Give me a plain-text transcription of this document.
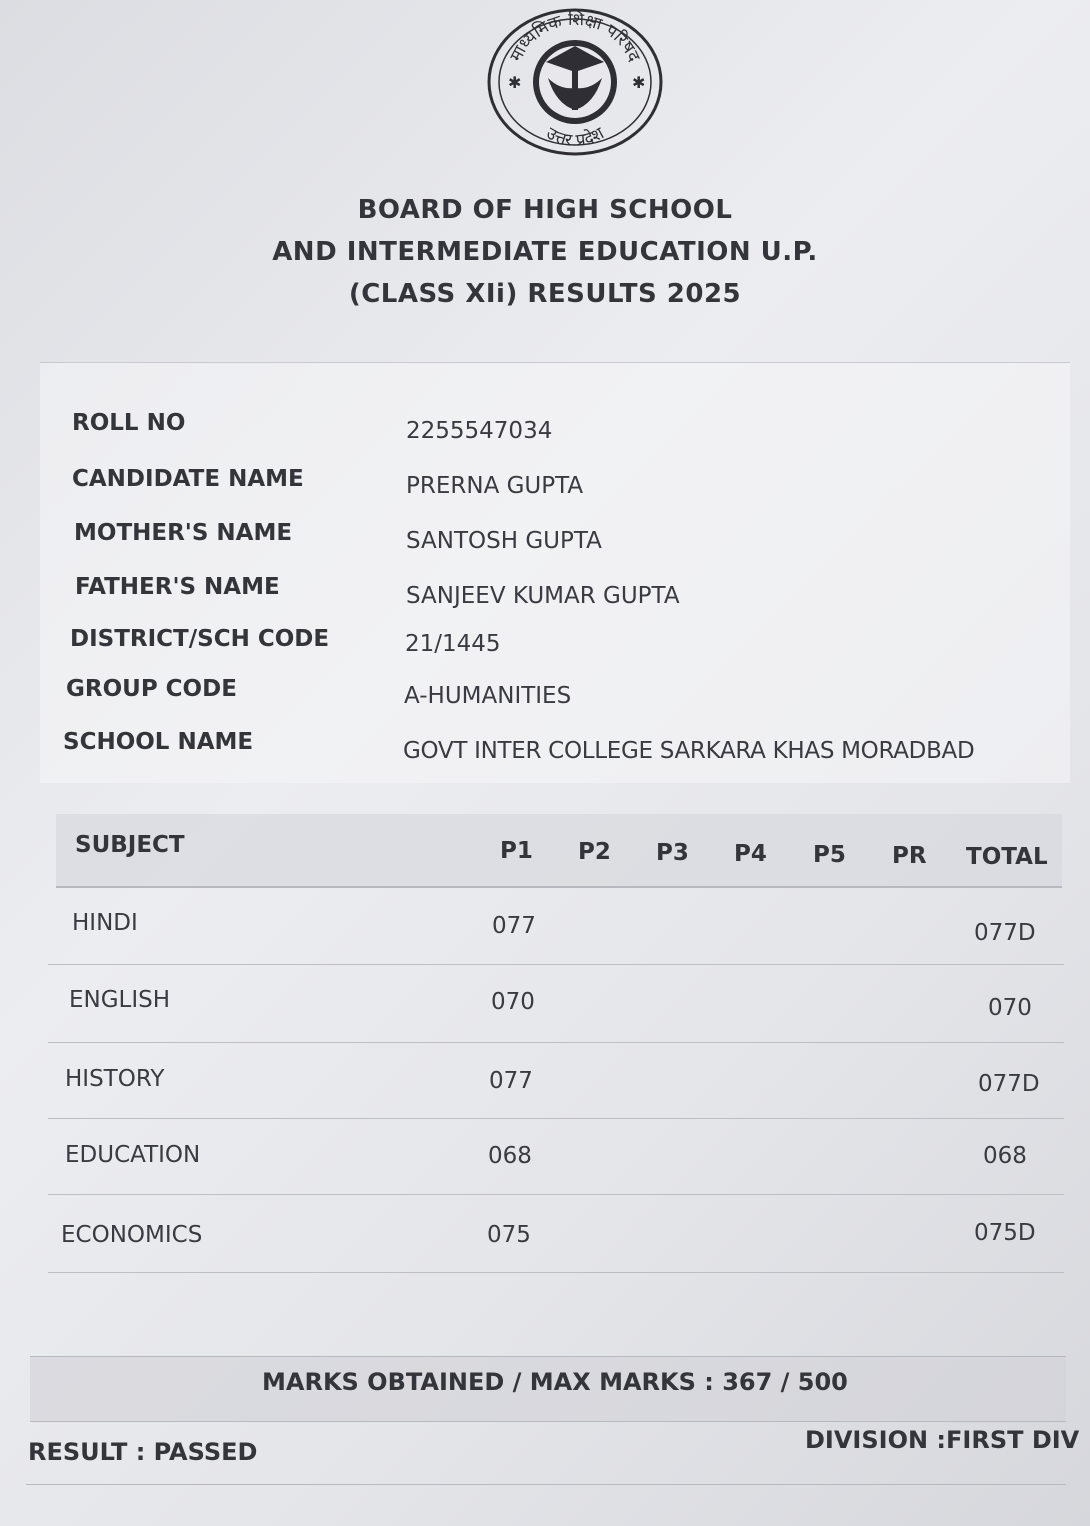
माध्यमिक शिक्षा परिषद
उत्तर प्रदेश
✱	✱
BOARD OF HIGH SCHOOL
AND INTERMEDIATE EDUCATION U.P.
(CLASS XIi) RESULTS 2025
ROLL NO	2255547034
CANDIDATE NAME	PRERNA GUPTA
MOTHER'S NAME	SANTOSH GUPTA
FATHER'S NAME	SANJEEV KUMAR GUPTA
DISTRICT/SCH CODE	21/1445
GROUP CODE	A-HUMANITIES
SCHOOL NAME	GOVT INTER COLLEGE SARKARA KHAS MORADBAD
SUBJECT	P1 P2 P3 P4 P5 PR TOTAL
HINDI	077	077D
ENGLISH	070	070
HISTORY	077	077D
EDUCATION	068	068
ECONOMICS	075	075D
MARKS OBTAINED / MAX MARKS : 367 / 500
RESULT : PASSED	DIVISION :FIRST DIV
